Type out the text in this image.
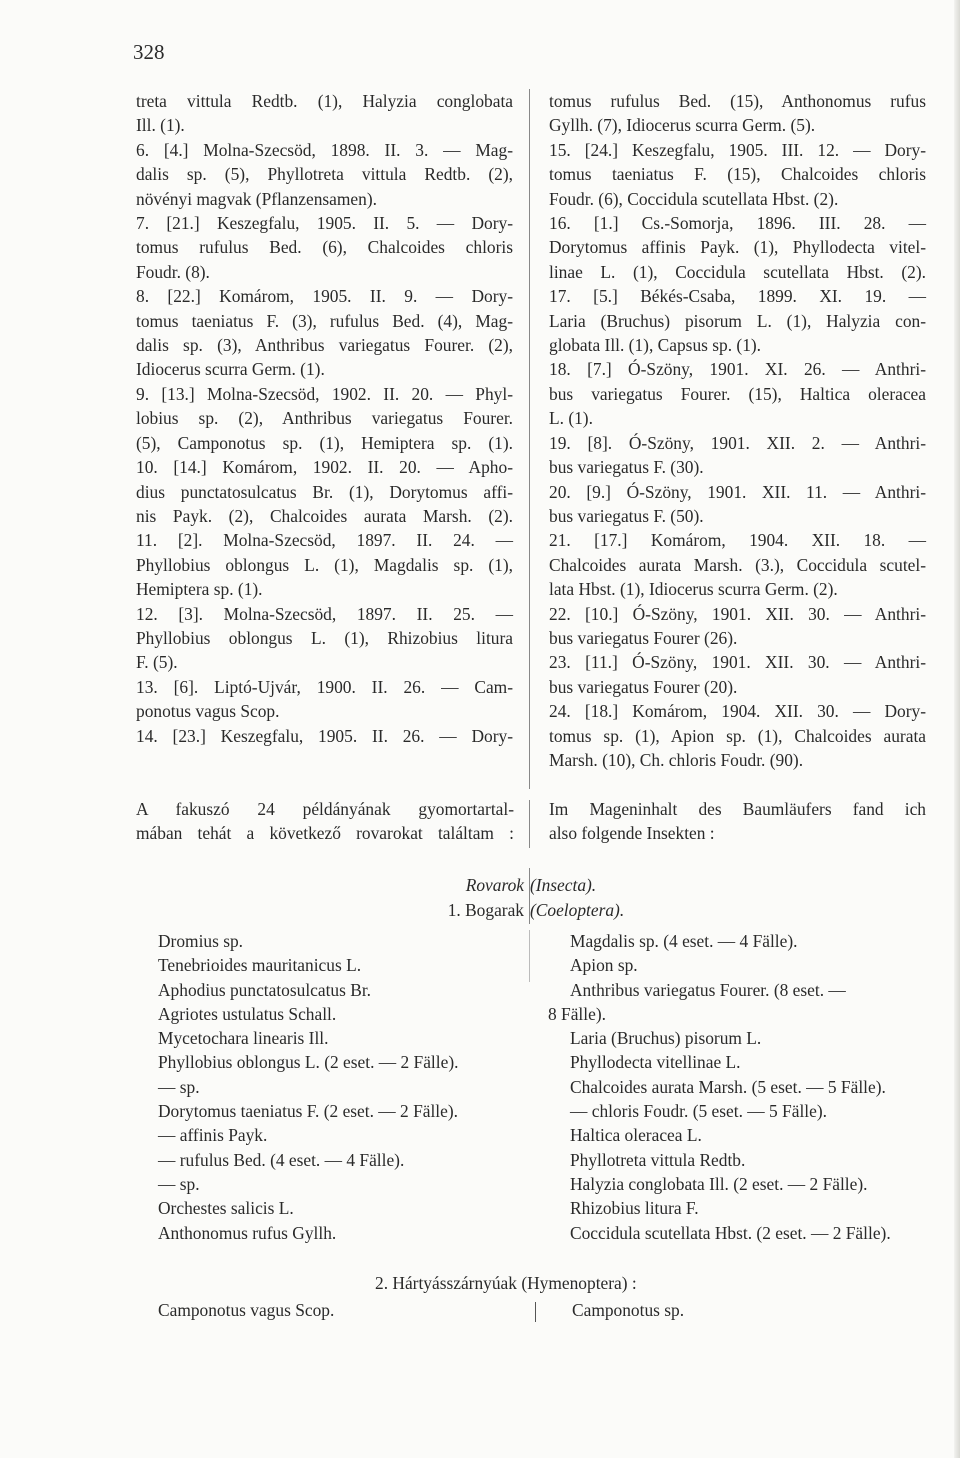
328

treta vittula Redtb. (1), Halyzia conglobata

Ill. (1).

6. [4.] Molna-Szecsöd, 1898. II. 3. — Mag-

dalis sp. (5), Phyllotreta vittula Redtb. (2),

növényi magvak (Pflanzensamen).

7. [21.] Keszegfalu, 1905. II. 5. — Dory-

tomus rufulus Bed. (6), Chalcoides chloris

Foudr. (8).

8. [22.] Komárom, 1905. II. 9. — Dory-

tomus taeniatus F. (3), rufulus Bed. (4), Mag-

dalis sp. (3), Anthribus variegatus Fourer. (2),

Idiocerus scurra Germ. (1).

9. [13.] Molna-Szecsöd, 1902. II. 20. — Phyl-

lobius sp. (2), Anthribus variegatus Fourer.

(5), Camponotus sp. (1), Hemiptera sp. (1).

10. [14.] Komárom, 1902. II. 20. — Apho-

dius punctatosulcatus Br. (1), Dorytomus affi-

nis Payk. (2), Chalcoides aurata Marsh. (2).

11. [2]. Molna-Szecsöd, 1897. II. 24. —

Phyllobius oblongus L. (1), Magdalis sp. (1),

Hemiptera sp. (1).

12. [3]. Molna-Szecsöd, 1897. II. 25. —

Phyllobius oblongus L. (1), Rhizobius litura

F. (5).

13. [6]. Liptó-Ujvár, 1900. II. 26. — Cam-

ponotus vagus Scop.

14. [23.] Keszegfalu, 1905. II. 26. — Dory-

tomus rufulus Bed. (15), Anthonomus rufus

Gyllh. (7), Idiocerus scurra Germ. (5).

15. [24.] Keszegfalu, 1905. III. 12. — Dory-

tomus taeniatus F. (15), Chalcoides chloris

Foudr. (6), Coccidula scutellata Hbst. (2).

16. [1.] Cs.-Somorja, 1896. III. 28. —

Dorytomus affinis Payk. (1), Phyllodecta vitel-

linae L. (1), Coccidula scutellata Hbst. (2).

17. [5.] Békés-Csaba, 1899. XI. 19. —

Laria (Bruchus) pisorum L. (1), Halyzia con-

globata Ill. (1), Capsus sp. (1).

18. [7.] Ó-Szöny, 1901. XI. 26. — Anthri-

bus variegatus Fourer. (15), Haltica oleracea

L. (1).

19. [8]. Ó-Szöny, 1901. XII. 2. — Anthri-

bus variegatus F. (30).

20. [9.] Ó-Szöny, 1901. XII. 11. — Anthri-

bus variegatus F. (50).

21. [17.] Komárom, 1904. XII. 18. —

Chalcoides aurata Marsh. (3.), Coccidula scutel-

lata Hbst. (1), Idiocerus scurra Germ. (2).

22. [10.] Ó-Szöny, 1901. XII. 30. — Anthri-

bus variegatus Fourer (26).

23. [11.] Ó-Szöny, 1901. XII. 30. — Anthri-

bus variegatus Fourer (20).

24. [18.] Komárom, 1904. XII. 30. — Dory-

tomus sp. (1), Apion sp. (1), Chalcoides aurata

Marsh. (10), Ch. chloris Foudr. (90).

A fakuszó 24 példányának gyomortartal-

mában tehát a következő rovarokat találtam :

Im Mageninhalt des Baumläufers fand ich

also folgende Insekten :

Rovarok (Insecta).
1. Bogarak (Coeloptera).

Dromius sp.

Tenebrioides mauritanicus L.

Aphodius punctatosulcatus Br.

Agriotes ustulatus Schall.

Mycetochara linearis Ill.

Phyllobius oblongus L. (2 eset. — 2 Fälle).

— sp.

Dorytomus taeniatus F. (2 eset. — 2 Fälle).

— affinis Payk.

— rufulus Bed. (4 eset. — 4 Fälle).

— sp.

Orchestes salicis L.

Anthonomus rufus Gyllh.

Magdalis sp. (4 eset. — 4 Fälle).

Apion sp.

Anthribus variegatus Fourer. (8 eset. —

8 Fälle).

Laria (Bruchus) pisorum L.

Phyllodecta vitellinae L.

Chalcoides aurata Marsh. (5 eset. — 5 Fälle).

— chloris Foudr. (5 eset. — 5 Fälle).

Haltica oleracea L.

Phyllotreta vittula Redtb.

Halyzia conglobata Ill. (2 eset. — 2 Fälle).

Rhizobius litura F.

Coccidula scutellata Hbst. (2 eset. — 2 Fälle).

2. Hártyásszárnyúak (Hymenoptera) :
Camponotus vagus Scop.	Camponotus sp.
